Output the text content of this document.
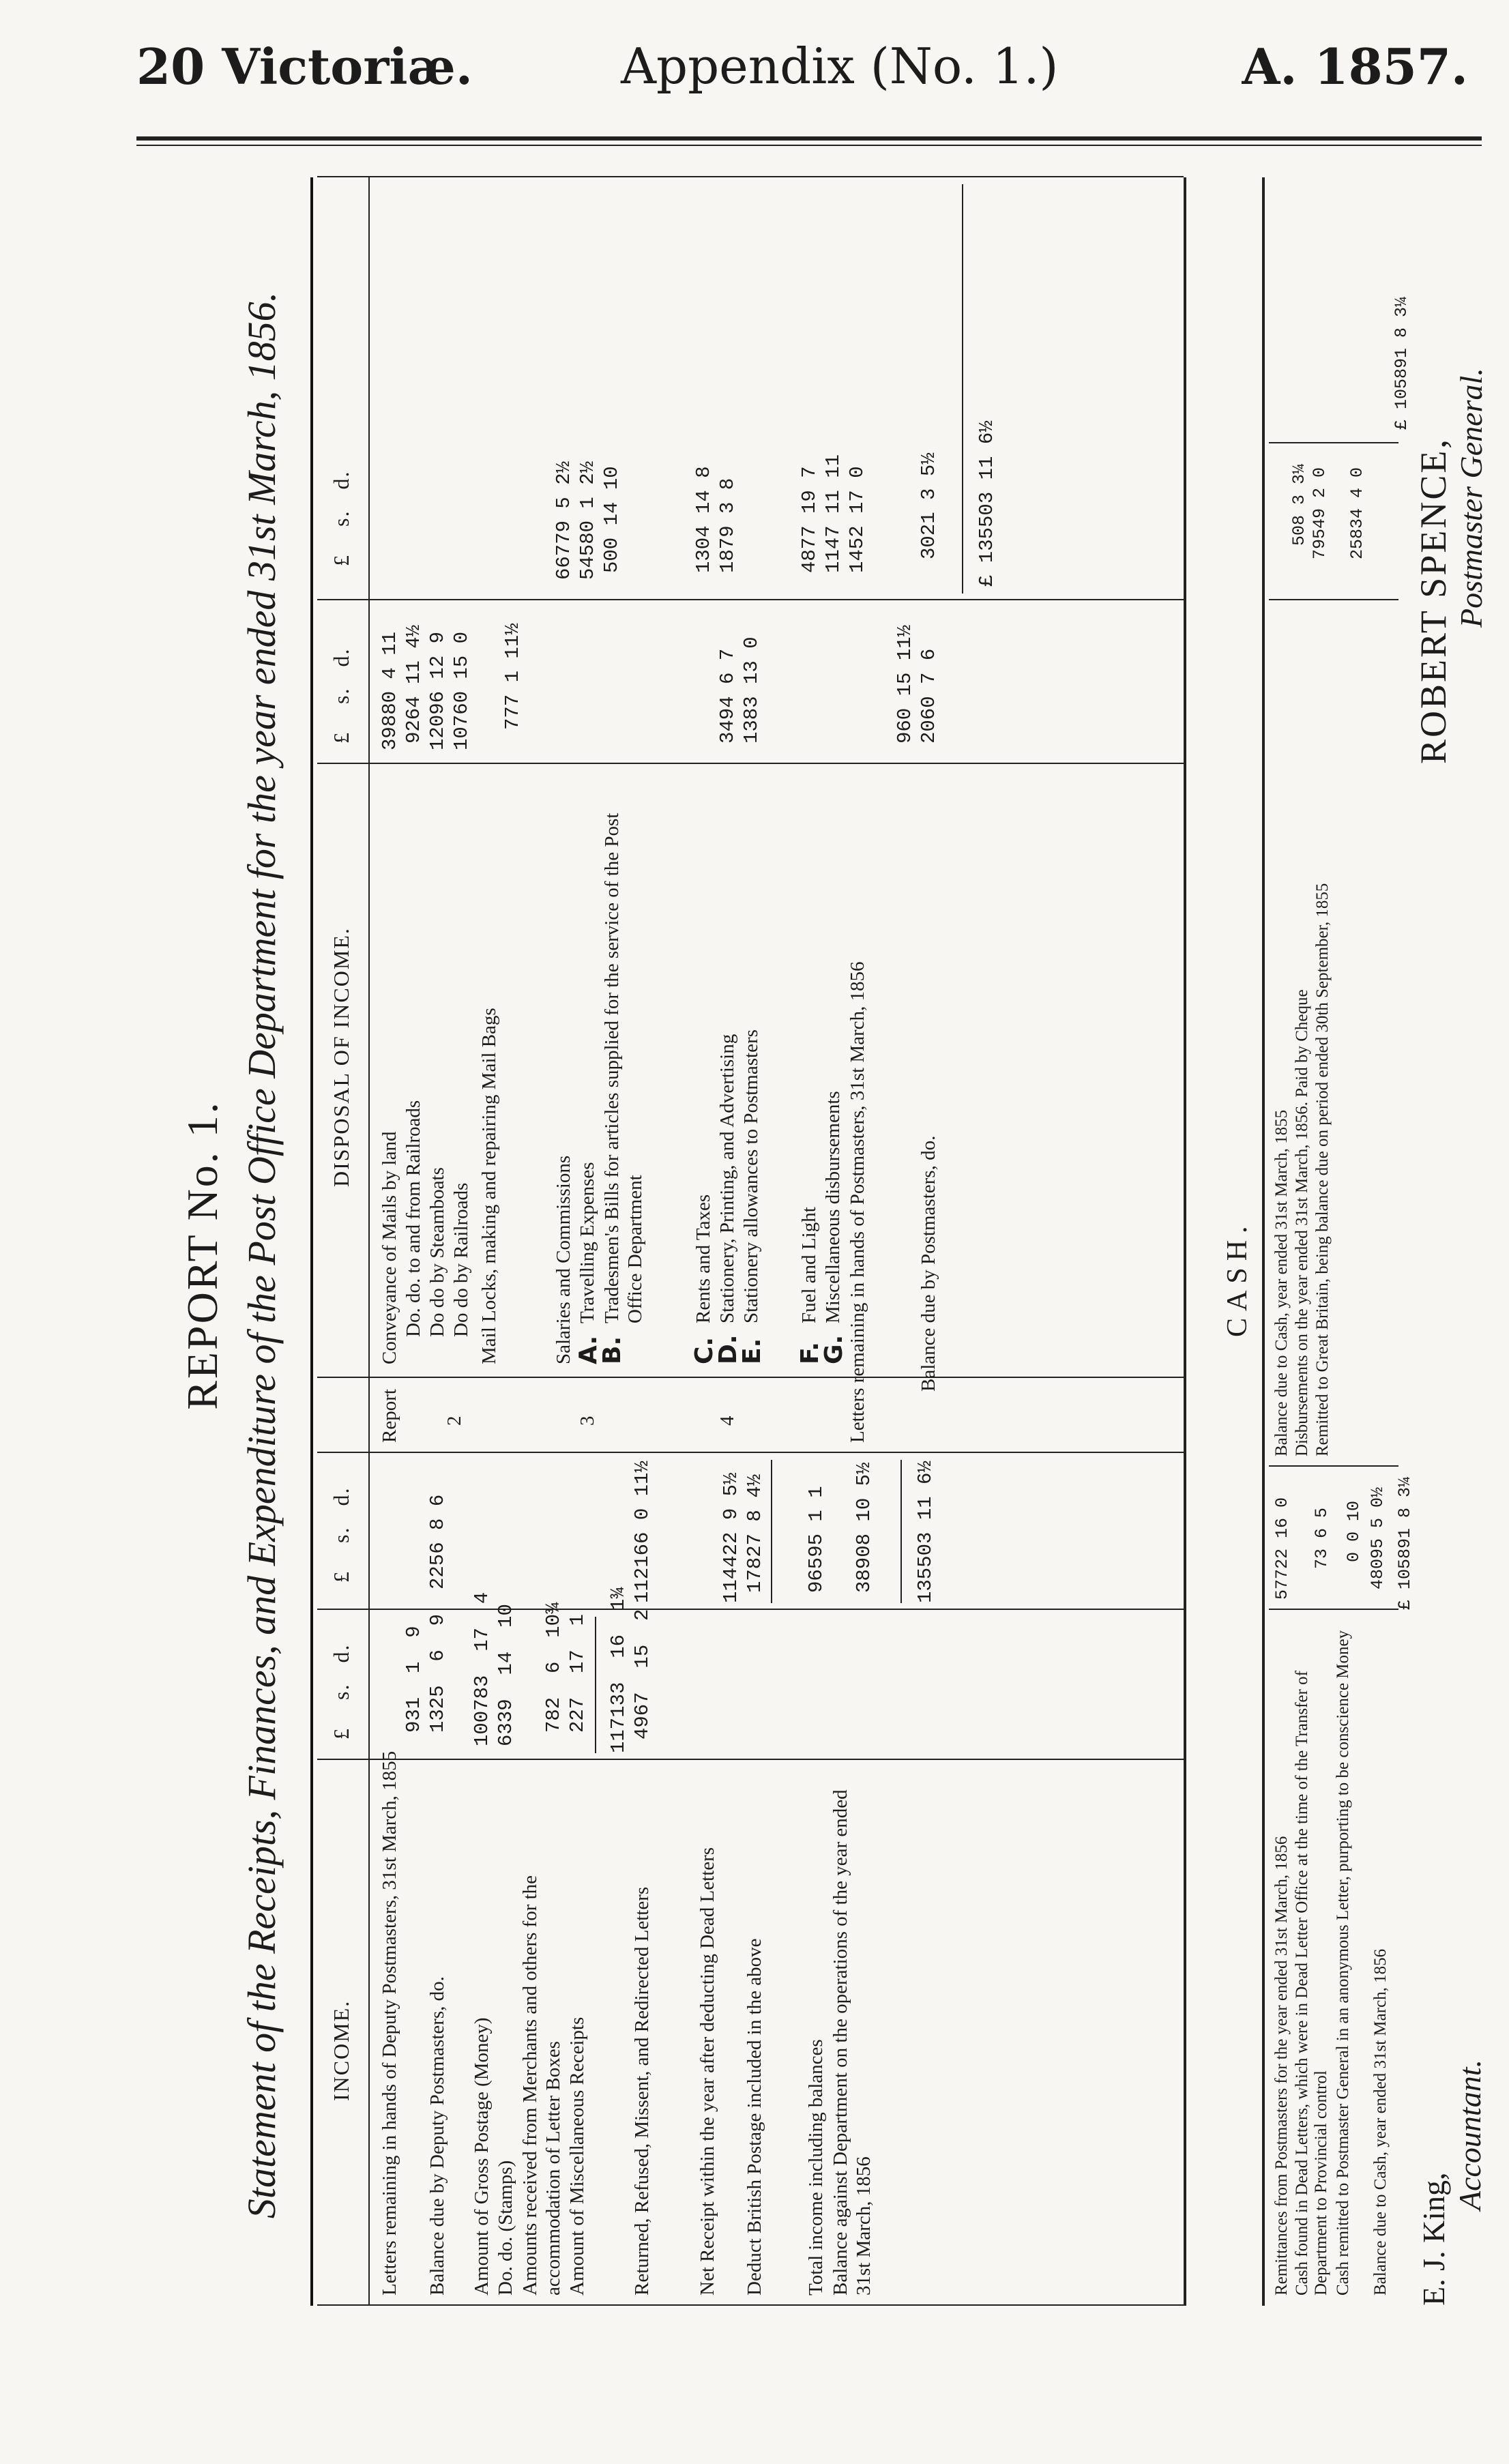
20 Victoriæ.	Appendix (No. 1.)	A. 1857.
REPORT No. 1. Statement of the Receipts, Finances, and Expenditure of the Post Office Department for the year ended 31st March, 1856. INCOME.
£    s.   d.
£    s.   d.
DISPOSAL OF INCOME.
£    s.   d.
£    s.   d.
Letters remaining in hands of Deputy Postmasters, 31st March, 1855
931  1  9
Balance due by Deputy Postmasters, do.
1325  6  9
2256 8 6
Amount of Gross Postage (Money)
100783  17  4
Do. do. (Stamps)
6339  14  10
Amounts received from Merchants and others for the accommodation of Letter Boxes
782  6  10¾
Amount of Miscellaneous Receipts
227  17  1
117133  16  1¾
Returned, Refused, Missent, and Redirected Letters
4967  15  2
112166 0 11½
Net Receipt within the year after deducting Dead Letters
114422 9 5½
Deduct British Postage included in the above
17827 8 4½
Total income including balances
96595 1 1
Balance against Department on the operations of the year ended 31st March, 1856
38908 10 5½ 135503 11 6½
Report 2
Conveyance of Mails by land
39880 4 11
Do. do. to and from Railroads
9264 11 4½
Do do by Steamboats
12096 12 9
Do do by Railroads
10760 15 0
Mail Locks, making and repairing Mail Bags
777 1 11½
66779 5 2½
3
Salaries and Commissions A.
Travelling Expenses
B.
Tradesmen's Bills for articles supplied for the service of the Post Office Department
54580 1 2½ 500 14 10
4
C.
Rents and Taxes
D.
Stationery, Printing, and Advertising
3494 6 7
E.
Stationery allowances to Postmasters
1383 13 0
1304 14 8 1879 3 8
F.
Fuel and Light
G.
Miscellaneous disbursements
4877 19 7 1147 11 11 1452 17 0
Letters remaining in hands of Postmasters, 31st March, 1856
960 15 11½
Balance due by Postmasters, do.
2060 7 6
3021 3 5½ £ 135503 11 6½
CASH.
Remittances from Postmasters for the year ended 31st March, 1856
57722 16 0
Cash found in Dead Letters, which were in Dead Letter Office at the time of the Transfer of Department to Provincial control
73 6 5
Cash remitted to Postmaster General in an anonymous Letter, purporting to be conscience Money
0 0 10
Balance due to Cash, year ended 31st March, 1856
48095 5 0½ £ 105891 8 3¼
Balance due to Cash, year ended 31st March, 1855
508 3 3¼
Disbursements on the year ended 31st March, 1856. Paid by Cheque
79549 2 0
Remitted to Great Britain, being balance due on period ended 30th September, 1855
25834 4 0
£ 105891 8 3¼
E. J. King,
Accountant.
ROBERT SPENCE, Postmaster General.
